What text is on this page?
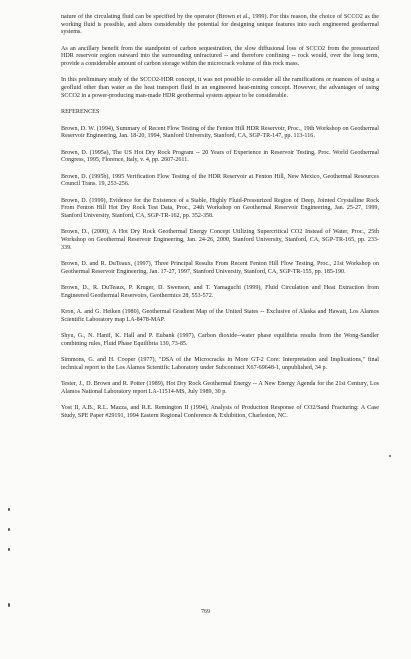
nature of the circulating fluid can be specified by the operator (Brown et al., 1999). For this reason, the choice of SCCO2 as the working fluid is possible, and alters considerably the potential for designing unique features into such engineered geothermal systems.

As an ancillary benefit from the standpoint of carbon sequestration, the slow diffusional loss of SCCO2 from the pressurized HDR reservoir region outward into the surrounding unfractured -- and therefore confining -- rock would, over the long term, provide a considerable amount of carbon storage within the microcrack volume of this rock mass.

In this preliminary study of the SCCO2-HDR concept, it was not possible to consider all the ramifications or nuances of using a geofluid other than water as the heat transport fluid in an engineered heat-mining concept. However, the advantages of using SCCO2 in a power-producing man-made HDR geothermal system appear to be considerable.

REFERENCES

Brown, D. W. (1994), Summary of Recent Flow Testing of the Fenton Hill HDR Reservoir, Proc., 19th Workshop on Geothermal Reservoir Engineering, Jan. 18-20, 1994, Stanford University, Stanford, CA, SGP-TR-147, pp. 113-116.

Brown, D. (1995a), The US Hot Dry Rock Program -- 20 Years of Experience in Reservoir Testing, Proc. World Geothermal Congress, 1995, Florence, Italy, v. 4, pp. 2607-2611.

Brown, D. (1995b), 1995 Verification Flow Testing of the HDR Reservoir at Fenton Hill, New Mexico, Geothermal Resources Council Trans. 19, 253-256.

Brown, D. (1999), Evidence for the Existence of a Stable, Highly Fluid-Pressurized Region of Deep, Jointed Crystalline Rock From Fenton Hill Hot Dry Rock Test Data, Proc., 24th Workshop on Geothermal Reservoir Engineering, Jan. 25-27, 1999, Stanford University, Stanford, CA, SGP-TR-162, pp. 352-358.

Brown, D., (2000), A Hot Dry Rock Geothermal Energy Concept Utilizing Supercritical CO2 Instead of Water, Proc., 25th Workshop on Geothermal Reservoir Engineering, Jan. 24-26, 2000, Stanford University, Stanford, CA, SGP-TR-165, pp. 233-339.

Brown, D. and R. DuTeaux, (1997), Three Principal Results From Recent Fenton Hill Flow Testing, Proc., 21st Workshop on Geothermal Reservoir Engineering, Jan. 17-27, 1997, Stanford University, Stanford, CA, SGP-TR-155, pp. 185-190.

Brown, D., R. DuTeaux, P. Kruger, D. Swenson, and T. Yamaguchi (1999), Fluid Circulation and Heat Extraction from Engineered Geothermal Reservoirs, Geothermics 28, 553-572.

Kron, A. and G. Heiken (1980), Geothermal Gradient Map of the United States -- Exclusive of Alaska and Hawaii, Los Alamos Scientific Laboratory map LA-8478-MAP.

Shyu, G., N. Hanif, K. Hall and P. Eubank (1997), Carbon dioxide--water phase equilibria results from the Wong-Sandler combining rules, Fluid Phase Equilibria 130, 73-85.

Simmons, G. and H. Cooper (1977), "DSA of the Microcracks in More GT-2 Core: Interpretation and Implications," final technical report to the Los Alamos Scientific Laboratory under Subcontract X67-69648-1, unpublished, 34 p.

Tester, J., D. Brown and R. Potter (1989), Hot Dry Rock Geothermal Energy -- A New Energy Agenda for the 21st Century, Los Alamos National Laboratory report LA-11514-MS, July 1989, 30 p.

Yost II, A.B., R.L. Mazza, and R.E. Remington II (1994), Analysis of Production Response of CO2/Sand Fracturing: A Case Study, SPE Paper #29191, 1994 Eastern Regional Conference & Exhibition, Charleston, NC.

769
